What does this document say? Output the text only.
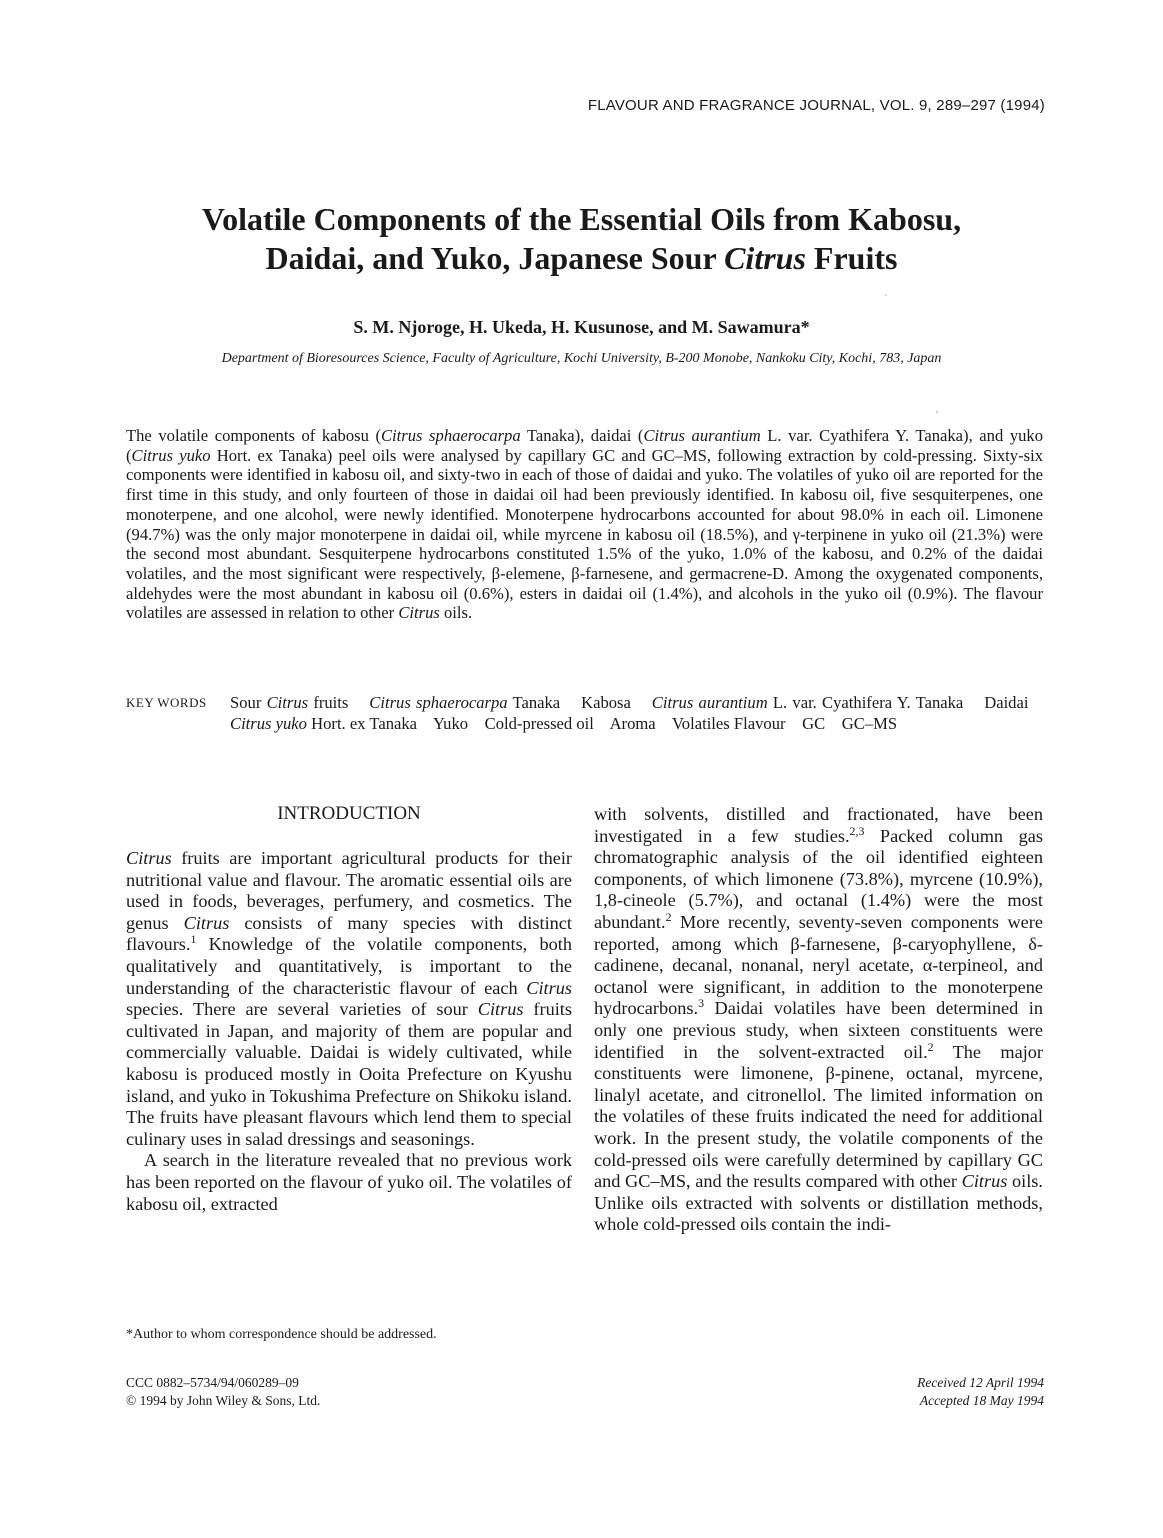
FLAVOUR AND FRAGRANCE JOURNAL, VOL. 9, 289–297 (1994)
Volatile Components of the Essential Oils from Kabosu,
Daidai, and Yuko, Japanese Sour Citrus Fruits
S. M. Njoroge, H. Ukeda, H. Kusunose, and M. Sawamura*
Department of Bioresources Science, Faculty of Agriculture, Kochi University, B-200 Monobe, Nankoku City, Kochi, 783, Japan
The volatile components of kabosu (Citrus sphaerocarpa Tanaka), daidai (Citrus aurantium L. var. Cyathifera Y. Tanaka), and yuko (Citrus yuko Hort. ex Tanaka) peel oils were analysed by capillary GC and GC–MS, following extraction by cold-pressing. Sixty-six components were identified in kabosu oil, and sixty-two in each of those of daidai and yuko. The volatiles of yuko oil are reported for the first time in this study, and only fourteen of those in daidai oil had been previously identified. In kabosu oil, five sesquiterpenes, one monoterpene, and one alcohol, were newly identified. Monoterpene hydrocarbons accounted for about 98.0% in each oil. Limonene (94.7%) was the only major monoterpene in daidai oil, while myrcene in kabosu oil (18.5%), and γ-terpinene in yuko oil (21.3%) were the second most abundant. Sesquiterpene hydrocarbons constituted 1.5% of the yuko, 1.0% of the kabosu, and 0.2% of the daidai volatiles, and the most significant were respectively, β-elemene, β-farnesene, and germacrene-D. Among the oxygenated components, aldehydes were the most abundant in kabosu oil (0.6%), esters in daidai oil (1.4%), and alcohols in the yuko oil (0.9%). The flavour volatiles are assessed in relation to other Citrus oils.
KEY WORDS Sour Citrus fruits Citrus sphaerocarpa Tanaka Kabosa Citrus aurantium L. var. Cyathifera Y. Tanaka Daidai    Citrus yuko Hort. ex Tanaka Yuko Cold-pressed oil Aroma Volatiles Flavour GC GC–MS
INTRODUCTION

Citrus fruits are important agricultural products for their nutritional value and flavour. The aromatic essential oils are used in foods, beverages, perfumery, and cosmetics. The genus Citrus consists of many species with distinct flavours.$^1$ Knowledge of the volatile components, both qualitatively and quantitatively, is important to the understanding of the characteristic flavour of each Citrus species. There are several varieties of sour Citrus fruits cultivated in Japan, and majority of them are popular and commercially valuable. Daidai is widely cultivated, while kabosu is produced mostly in Ooita Prefecture on Kyushu island, and yuko in Tokushima Prefecture on Shikoku island. The fruits have pleasant flavours which lend them to special culinary uses in salad dressings and seasonings.

A search in the literature revealed that no previous work has been reported on the flavour of yuko oil. The volatiles of kabosu oil, extracted

with solvents, distilled and fractionated, have been investigated in a few studies.$^{2,3}$ Packed column gas chromatographic analysis of the oil identified eighteen components, of which limonene (73.8%), myrcene (10.9%), 1,8-cineole (5.7%), and octanal (1.4%) were the most abundant.$^2$ More recently, seventy-seven components were reported, among which β-farnesene, β-caryophyllene, δ-cadinene, decanal, nonanal, neryl acetate, α-terpineol, and octanol were significant, in addition to the monoterpene hydrocarbons.$^3$ Daidai volatiles have been determined in only one previous study, when sixteen constituents were identified in the solvent-extracted oil.$^2$ The major constituents were limonene, β-pinene, octanal, myrcene, linalyl acetate, and citronellol. The limited information on the volatiles of these fruits indicated the need for additional work. In the present study, the volatile components of the cold-pressed oils were carefully determined by capillary GC and GC–MS, and the results compared with other Citrus oils. Unlike oils extracted with solvents or distillation methods, whole cold-pressed oils contain the indi-

*Author to whom correspondence should be addressed.
CCC 0882–5734/94/060289–09
© 1994 by John Wiley & Sons, Ltd.
Received 12 April 1994
Accepted 18 May 1994
